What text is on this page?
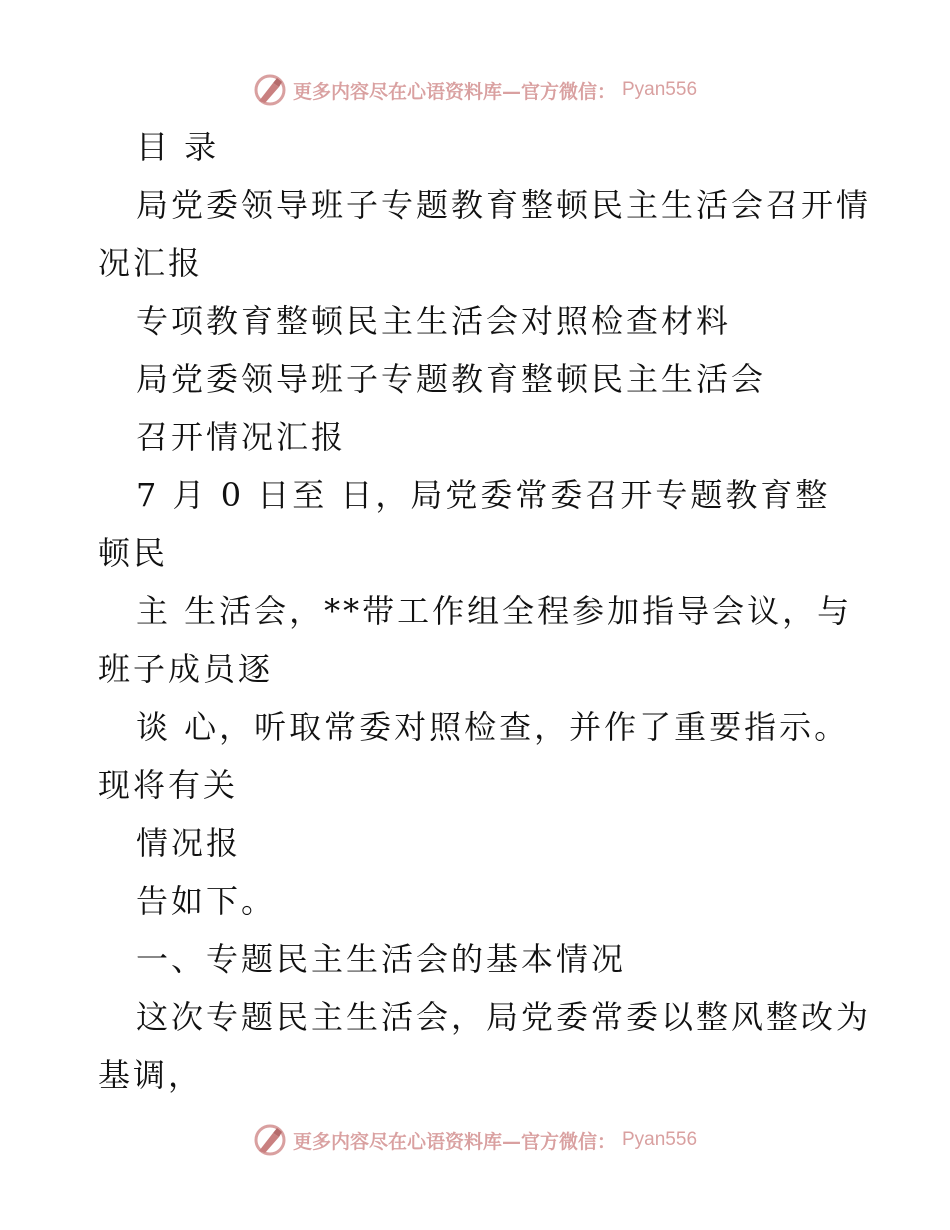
更多内容尽在心语资料库—官方微信： Pyan556
目 录
局党委领导班子专题教育整顿民主生活会召开情
况汇报
专项教育整顿民主生活会对照检查材料
局党委领导班子专题教育整顿民主生活会
召开情况汇报
7 月 0 日至 日，局党委常委召开专题教育整
顿民
主 生活会，**带工作组全程参加指导会议，与
班子成员逐
谈 心，听取常委对照检查，并作了重要指示。
现将有关
情况报
告如下。
一、专题民主生活会的基本情况
这次专题民主生活会，局党委常委以整风整改为
基调，
更多内容尽在心语资料库—官方微信： Pyan556
